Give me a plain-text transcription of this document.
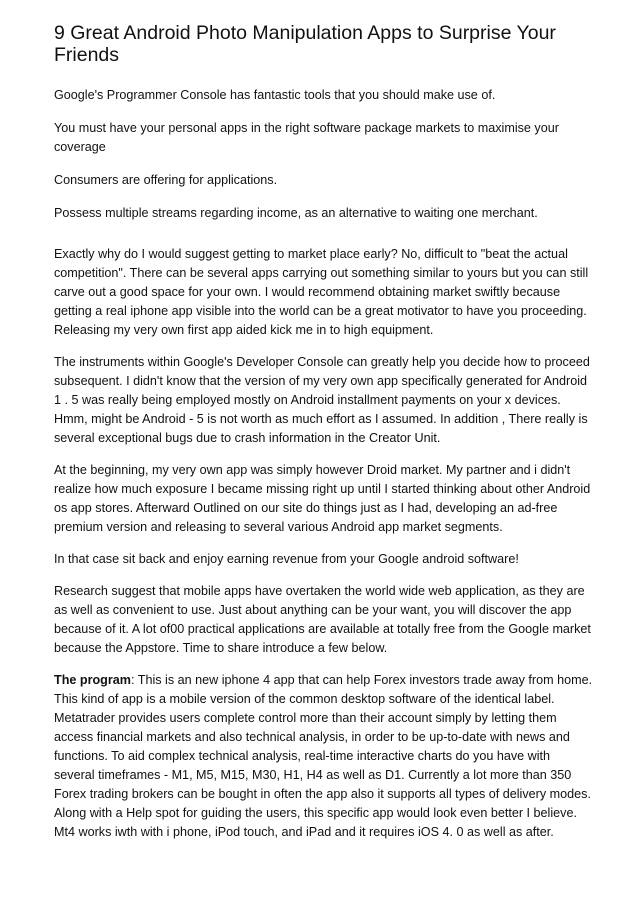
9 Great Android Photo Manipulation Apps to Surprise Your Friends

Google's Programmer Console has fantastic tools that you should make use of.

You must have your personal apps in the right software package markets to maximise your coverage

Consumers are offering for applications.

Possess multiple streams regarding income, as an alternative to waiting one merchant.

Exactly why do I would suggest getting to market place early? No, difficult to "beat the actual competition". There can be several apps carrying out something similar to yours but you can still carve out a good space for your own. I would recommend obtaining market swiftly because getting a real iphone app visible into the world can be a great motivator to have you proceeding. Releasing my very own first app aided kick me in to high equipment.

The instruments within Google's Developer Console can greatly help you decide how to proceed subsequent. I didn't know that the version of my very own app specifically generated for Android 1 . 5 was really being employed mostly on Android installment payments on your x devices. Hmm, might be Android - 5 is not worth as much effort as I assumed. In addition , There really is several exceptional bugs due to crash information in the Creator Unit.

At the beginning, my very own app was simply however Droid market. My partner and i didn't realize how much exposure I became missing right up until I started thinking about other Android os app stores. Afterward Outlined on our site do things just as I had, developing an ad-free premium version and releasing to several various Android app market segments.

In that case sit back and enjoy earning revenue from your Google android software!

Research suggest that mobile apps have overtaken the world wide web application, as they are as well as convenient to use. Just about anything can be your want, you will discover the app because of it. A lot of00 practical applications are available at totally free from the Google market because the Appstore. Time to share introduce a few below.

The program: This is an new iphone 4 app that can help Forex investors trade away from home. This kind of app is a mobile version of the common desktop software of the identical label. Metatrader provides users complete control more than their account simply by letting them access financial markets and also technical analysis, in order to be up-to-date with news and functions. To aid complex technical analysis, real-time interactive charts do you have with several timeframes - M1, M5, M15, M30, H1, H4 as well as D1. Currently a lot more than 350 Forex trading brokers can be bought in often the app also it supports all types of delivery modes. Along with a Help spot for guiding the users, this specific app would look even better I believe. Mt4 works iwth with i phone, iPod touch, and iPad and it requires iOS 4. 0 as well as after.
